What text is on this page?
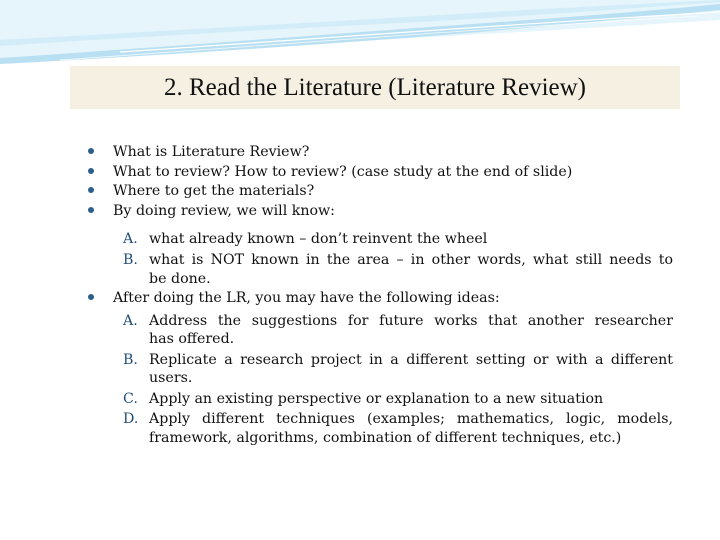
2. Read the Literature (Literature Review)
What is Literature Review?
What to review? How to review? (case study at the end of slide)
Where to get the materials?
By doing review, we will know:
A. what already known – don’t reinvent the wheel
B. what is NOT known in the area – in other words, what still needs to
be done.
After doing the LR, you may have the following ideas:
A. Address the suggestions for future works that another researcher
has offered.
B. Replicate a research project in a different setting or with a different
users.
C. Apply an existing perspective or explanation to a new situation
D. Apply different techniques (examples; mathematics, logic, models,
framework, algorithms, combination of different techniques, etc.)
